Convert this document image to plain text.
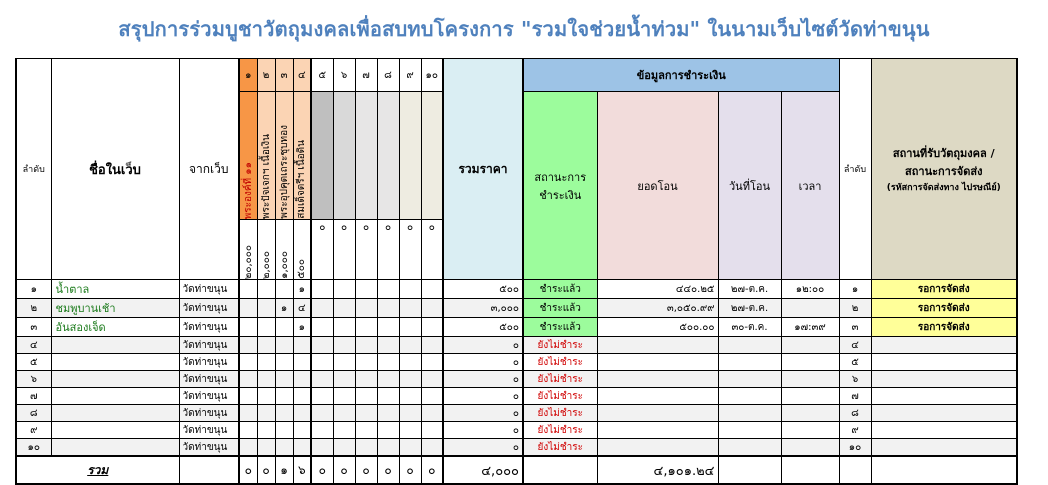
สรุปการร่วมบูชาวัตถุมงคลเพื่อสบทบโครงการ "รวมใจช่วยน้ำท่วม" ในนามเว็บไซต์วัดท่าขนุน
ลำดับ	ชื่อในเว็บ	จากเว็บ	๑	๒	๓	๔	๕	๖	๗	๘	๙	๑๐	รวมราคา	ข้อมูลการชำระเงิน				ลำดับ	สถานที่รับวัตถุมงคล / สถานะการจัดส่ง
(รหัสการจัดส่งทาง ไปรษณีย์)

			พระองค์ที่ ๑๑	พระปัจเจกฯ เนื้อเงิน	พระอุปคุตเถระชุบทอง	สมเด็จตรีฯ เนื้อดิน								สถานะการชำระเงิน	ยอดโอน	วันที่โอน	เวลา		

			๒๐,๐๐๐	๒,๐๐๐	๑,๐๐๐	๕๐๐	๐	๐	๐	๐	๐	๐							
๑	น้ำตาล	วัดท่าขนุน				๑							๕๐๐	ชำระแล้ว	๔๔๐.๒๕	๒๗-ต.ค.	๑๒:๐๐	๑	รอการจัดส่ง
๒	ชมพูบานเช้า	วัดท่าขนุน			๑	๔							๓,๐๐๐	ชำระแล้ว	๓,๐๕๐.๙๙	๒๗-ต.ค.		๒	รอการจัดส่ง
๓	อันสองเจ็ด	วัดท่าขนุน				๑							๕๐๐	ชำระแล้ว	๕๐๐.๐๐	๓๐-ต.ค.	๑๗:๓๙	๓	รอการจัดส่ง
๔		วัดท่าขนุน											๐	ยังไม่ชำระ				๔	
๕		วัดท่าขนุน											๐	ยังไม่ชำระ				๕	
๖		วัดท่าขนุน											๐	ยังไม่ชำระ				๖	
๗		วัดท่าขนุน											๐	ยังไม่ชำระ				๗	
๘		วัดท่าขนุน											๐	ยังไม่ชำระ				๘	
๙		วัดท่าขนุน											๐	ยังไม่ชำระ				๙	
๑๐		วัดท่าขนุน											๐	ยังไม่ชำระ				๑๐	
รวม			๐	๐	๑	๖	๐	๐	๐	๐	๐	๐	๔,๐๐๐		๔,๑๐๑.๒๔				
